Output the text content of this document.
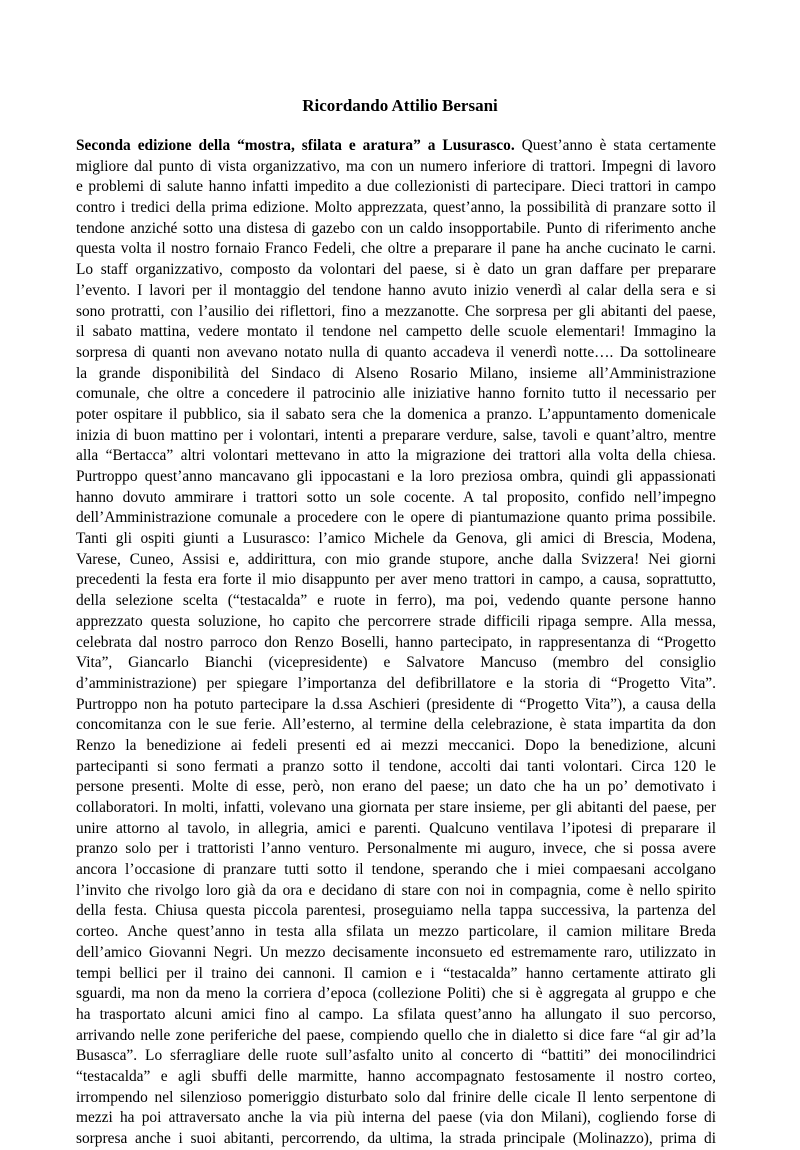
Ricordando Attilio Bersani
Seconda edizione della “mostra, sfilata e aratura” a Lusurasco. Quest’anno è stata certamente
migliore dal punto di vista organizzativo, ma con un numero inferiore di trattori. Impegni di lavoro
e problemi di salute hanno infatti impedito a due collezionisti di partecipare. Dieci trattori in campo
contro i tredici della prima edizione. Molto apprezzata, quest’anno, la possibilità di pranzare sotto il
tendone anziché sotto una distesa di gazebo con un caldo insopportabile. Punto di riferimento anche
questa volta il nostro fornaio Franco Fedeli, che oltre a preparare il pane ha anche cucinato le carni.
Lo staff organizzativo, composto da volontari del paese, si è dato un gran daffare per preparare
l’evento. I lavori per il montaggio del tendone hanno avuto inizio venerdì al calar della sera e si
sono protratti, con l’ausilio dei riflettori, fino a mezzanotte. Che sorpresa per gli abitanti del paese,
il sabato mattina, vedere montato il tendone nel campetto delle scuole elementari! Immagino la
sorpresa di quanti non avevano notato nulla di quanto accadeva il venerdì notte…. Da sottolineare
la grande disponibilità del Sindaco di Alseno Rosario Milano, insieme all’Amministrazione
comunale, che oltre a concedere il patrocinio alle iniziative hanno fornito tutto il necessario per
poter ospitare il pubblico, sia il sabato sera che la domenica a pranzo. L’appuntamento domenicale
inizia di buon mattino per i volontari, intenti a preparare verdure, salse, tavoli e quant’altro, mentre
alla “Bertacca” altri volontari mettevano in atto la migrazione dei trattori alla volta della chiesa.
Purtroppo quest’anno mancavano gli ippocastani e la loro preziosa ombra, quindi gli appassionati
hanno dovuto ammirare i trattori sotto un sole cocente. A tal proposito, confido nell’impegno
dell’Amministrazione comunale a procedere con le opere di piantumazione quanto prima possibile.
Tanti gli ospiti giunti a Lusurasco: l’amico Michele da Genova, gli amici di Brescia, Modena,
Varese, Cuneo, Assisi e, addirittura, con mio grande stupore, anche dalla Svizzera! Nei giorni
precedenti la festa era forte il mio disappunto per aver meno trattori in campo, a causa, soprattutto,
della selezione scelta (“testacalda” e ruote in ferro), ma poi, vedendo quante persone hanno
apprezzato questa soluzione, ho capito che percorrere strade difficili ripaga sempre. Alla messa,
celebrata dal nostro parroco don Renzo Boselli, hanno partecipato, in rappresentanza di “Progetto
Vita”, Giancarlo Bianchi (vicepresidente) e Salvatore Mancuso (membro del consiglio
d’amministrazione) per spiegare l’importanza del defibrillatore e la storia di “Progetto Vita”.
Purtroppo non ha potuto partecipare la d.ssa Aschieri (presidente di “Progetto Vita”), a causa della
concomitanza con le sue ferie. All’esterno, al termine della celebrazione, è stata impartita da don
Renzo la benedizione ai fedeli presenti ed ai mezzi meccanici. Dopo la benedizione, alcuni
partecipanti si sono fermati a pranzo sotto il tendone, accolti dai tanti volontari. Circa 120 le
persone presenti. Molte di esse, però, non erano del paese; un dato che ha un po’ demotivato i
collaboratori. In molti, infatti, volevano una giornata per stare insieme, per gli abitanti del paese, per
unire attorno al tavolo, in allegria, amici e parenti. Qualcuno ventilava l’ipotesi di preparare il
pranzo solo per i trattoristi l’anno venturo. Personalmente mi auguro, invece, che si possa avere
ancora l’occasione di pranzare tutti sotto il tendone, sperando che i miei compaesani accolgano
l’invito che rivolgo loro già da ora e decidano di stare con noi in compagnia, come è nello spirito
della festa. Chiusa questa piccola parentesi, proseguiamo nella tappa successiva, la partenza del
corteo. Anche quest’anno in testa alla sfilata un mezzo particolare, il camion militare Breda
dell’amico Giovanni Negri. Un mezzo decisamente inconsueto ed estremamente raro, utilizzato in
tempi bellici per il traino dei cannoni. Il camion e i “testacalda” hanno certamente attirato gli
sguardi, ma non da meno la corriera d’epoca (collezione Politi) che si è aggregata al gruppo e che
ha trasportato alcuni amici fino al campo. La sfilata quest’anno ha allungato il suo percorso,
arrivando nelle zone periferiche del paese, compiendo quello che in dialetto si dice fare “al gir ad’la
Busasca”. Lo sferragliare delle ruote sull’asfalto unito al concerto di “battiti” dei monocilindrici
“testacalda” e agli sbuffi delle marmitte, hanno accompagnato festosamente il nostro corteo,
irrompendo nel silenzioso pomeriggio disturbato solo dal frinire delle cicale Il lento serpentone di
mezzi ha poi attraversato anche la via più interna del paese (via don Milani), cogliendo forse di
sorpresa anche i suoi abitanti, percorrendo, da ultima, la strada principale (Molinazzo), prima di
